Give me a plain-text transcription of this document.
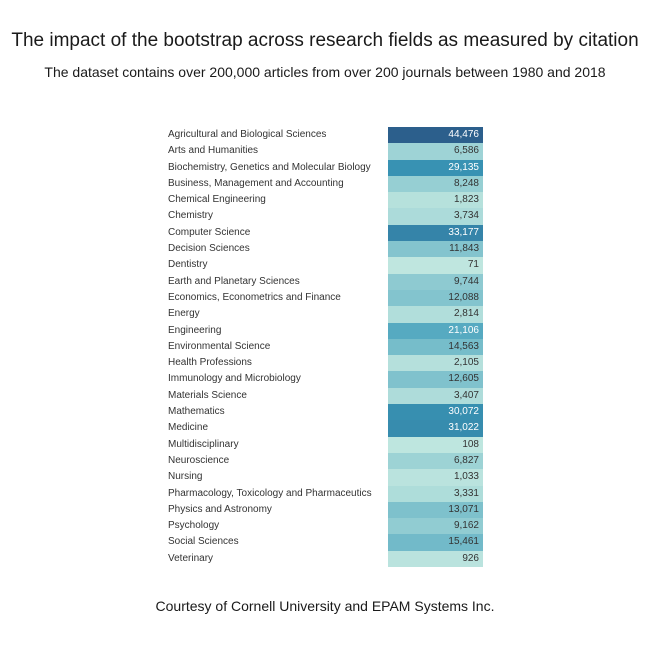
The impact of the bootstrap across research fields as measured by citation
The dataset contains over 200,000 articles from over 200 journals between 1980 and 2018
Agricultural and Biological Sciences	44,476
Arts and Humanities	6,586
Biochemistry, Genetics and Molecular Biology	29,135
Business, Management and Accounting	8,248
Chemical Engineering	1,823
Chemistry	3,734
Computer Science	33,177
Decision Sciences	11,843
Dentistry	71
Earth and Planetary Sciences	9,744
Economics, Econometrics and Finance	12,088
Energy	2,814
Engineering	21,106
Environmental Science	14,563
Health Professions	2,105
Immunology and Microbiology	12,605
Materials Science	3,407
Mathematics	30,072
Medicine	31,022
Multidisciplinary	108
Neuroscience	6,827
Nursing	1,033
Pharmacology, Toxicology and Pharmaceutics	3,331
Physics and Astronomy	13,071
Psychology	9,162
Social Sciences	15,461
Veterinary	926
Courtesy of Cornell University and EPAM Systems Inc.
